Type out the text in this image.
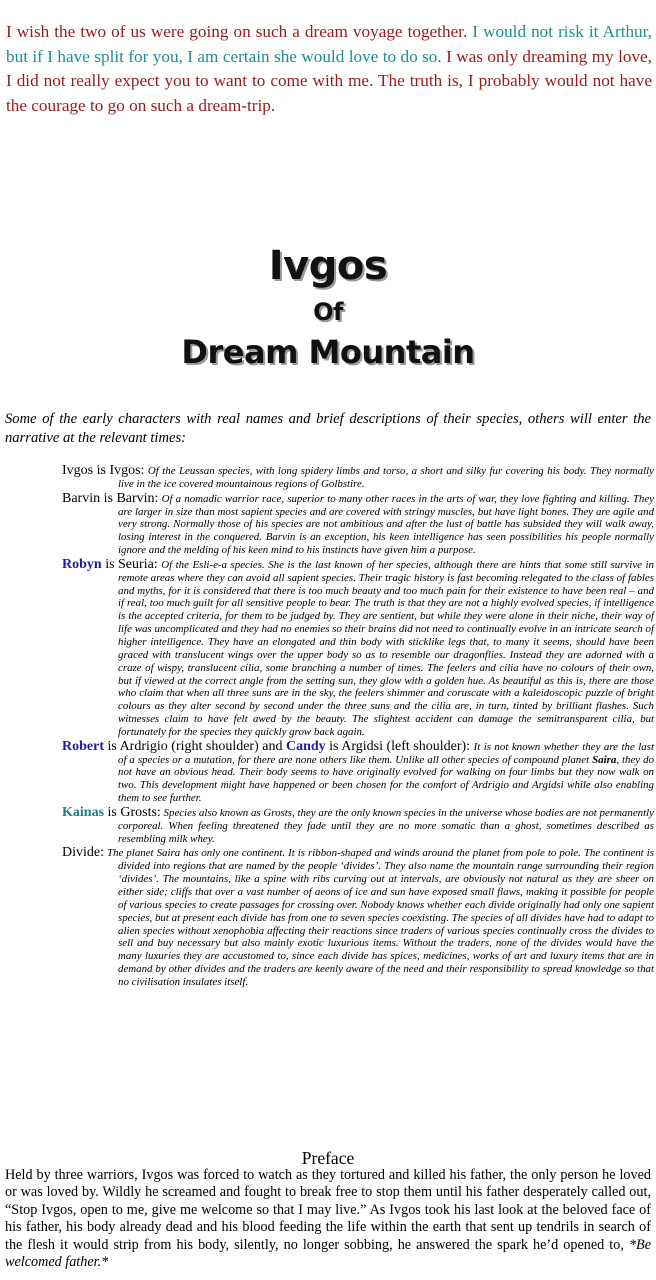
I wish the two of us were going on such a dream voyage together. I would not risk it Arthur, but if I have split for you, I am certain she would love to do so. I was only dreaming my love, I did not really expect you to want to come with me. The truth is, I probably would not have the courage to go on such a dream-trip.
Ivgos
Of
Dream Mountain
Some of the early characters with real names and brief descriptions of their species, others will enter the narrative at the relevant times:
Ivgos is Ivgos: Of the Leussan species, with long spidery limbs and torso, a short and silky fur covering his body. They normally live in the ice covered mountainous regions of Golbstire.
Barvin is Barvin: Of a nomadic warrior race, superior to many other races in the arts of war, they love fighting and killing. They are larger in size than most sapient species and are covered with stringy muscles, but have light bones. They are agile and very strong. Normally those of his species are not ambitious and after the lust of battle has subsided they will walk away, losing interest in the conquered. Barvin is an exception, his keen intelligence has seen possibilities his people normally ignore and the melding of his keen mind to his instincts have given him a purpose.
Robyn is Seuria: Of the Esli-e-a species. She is the last known of her species, although there are hints that some still survive in remote areas where they can avoid all sapient species. Their tragic history is fast becoming relegated to the class of fables and myths, for it is considered that there is too much beauty and too much pain for their existence to have been real – and if real, too much guilt for all sensitive people to bear. The truth is that they are not a highly evolved species, if intelligence is the accepted criteria, for them to be judged by. They are sentient, but while they were alone in their niche, their way of life was uncomplicated and they had no enemies so their brains did not need to continually evolve in an intricate search of higher intelligence. They have an elongated and thin body with sticklike legs that, to many it seems, should have been graced with translucent wings over the upper body so as to resemble our dragonflies. Instead they are adorned with a craze of wispy, translucent cilia, some branching a number of times. The feelers and cilia have no colours of their own, but if viewed at the correct angle from the setting sun, they glow with a golden hue. As beautiful as this is, there are those who claim that when all three suns are in the sky, the feelers shimmer and coruscate with a kaleidoscopic puzzle of bright colours as they alter second by second under the three suns and the cilia are, in turn, tinted by brilliant flashes. Such witnesses claim to have felt awed by the beauty. The slightest accident can damage the semitransparent cilia, but fortunately for the species they quickly grow back again.
Robert is Ardrigio (right shoulder) and Candy is Argidsi (left shoulder): It is not known whether they are the last of a species or a mutation, for there are none others like them. Unlike all other species of compound planet Saira, they do not have an obvious head. Their body seems to have originally evolved for walking on four limbs but they now walk on two. This development might have happened or been chosen for the comfort of Ardrigio and Argidsi while also enabling them to see further.
Kainas is Grosts: Species also known as Grosts, they are the only known species in the universe whose bodies are not permanently corporeal. When feeling threatened they fade until they are no more somatic than a ghost, sometimes described as resembling milk whey.
Divide: The planet Saira has only one continent. It is ribbon-shaped and winds around the planet from pole to pole. The continent is divided into regions that are named by the people ‘divides’. They also name the mountain range surrounding their region ‘divides’. The mountains, like a spine with ribs curving out at intervals, are obviously not natural as they are sheer on either side; cliffs that over a vast number of aeons of ice and sun have exposed small flaws, making it possible for people of various species to create passages for crossing over. Nobody knows whether each divide originally had only one sapient species, but at present each divide has from one to seven species coexisting. The species of all divides have had to adapt to alien species without xenophobia affecting their reactions since traders of various species continually cross the divides to sell and buy necessary but also mainly exotic luxurious items. Without the traders, none of the divides would have the many luxuries they are accustomed to, since each divide has spices, medicines, works of art and luxury items that are in demand by other divides and the traders are keenly aware of the need and their responsibility to spread knowledge so that no civilisation insulates itself.
Preface
Held by three warriors, Ivgos was forced to watch as they tortured and killed his father, the only person he loved or was loved by. Wildly he screamed and fought to break free to stop them until his father desperately called out, “Stop Ivgos, open to me, give me welcome so that I may live.” As Ivgos took his last look at the beloved face of his father, his body already dead and his blood feeding the life within the earth that sent up tendrils in search of the flesh it would strip from his body, silently, no longer sobbing, he answered the spark he’d opened to, *Be welcomed father.*
